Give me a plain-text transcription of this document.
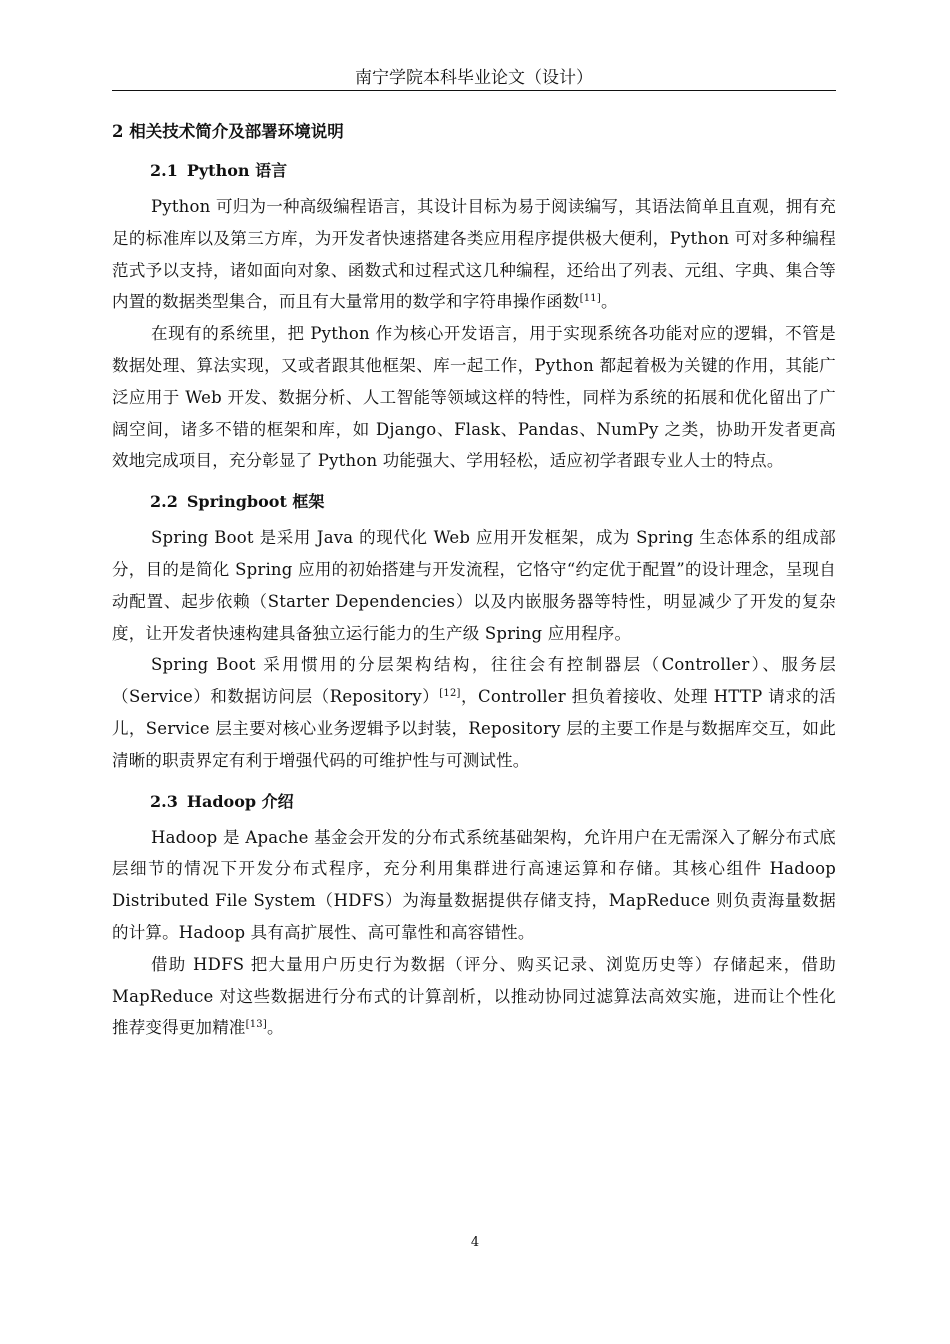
南宁学院本科毕业论文（设计）
2 相关技术简介及部署环境说明
2.1 Python 语言

Python 可归为一种高级编程语言，其设计目标为易于阅读编写，其语法简单且直观，拥有充足的标准库以及第三方库，为开发者快速搭建各类应用程序提供极大便利，Python 可对多种编程范式予以支持，诸如面向对象、函数式和过程式这几种编程，还给出了列表、元组、字典、集合等内置的数据类型集合，而且有大量常用的数学和字符串操作函数[11]。

在现有的系统里，把 Python 作为核心开发语言，用于实现系统各功能对应的逻辑，不管是数据处理、算法实现，又或者跟其他框架、库一起工作，Python 都起着极为关键的作用，其能广泛应用于 Web 开发、数据分析、人工智能等领域这样的特性，同样为系统的拓展和优化留出了广阔空间，诸多不错的框架和库，如 Django、Flask、Pandas、NumPy 之类，协助开发者更高效地完成项目，充分彰显了 Python 功能强大、学用轻松，适应初学者跟专业人士的特点。

2.2 Springboot 框架

Spring Boot 是采用 Java 的现代化 Web 应用开发框架，成为 Spring 生态体系的组成部分，目的是简化 Spring 应用的初始搭建与开发流程，它恪守“约定优于配置”的设计理念，呈现自动配置、起步依赖（Starter Dependencies）以及内嵌服务器等特性，明显减少了开发的复杂度，让开发者快速构建具备独立运行能力的生产级 Spring 应用程序。

Spring Boot 采用惯用的分层架构结构，往往会有控制器层（Controller）、服务层（Service）和数据访问层（Repository）[12]，Controller 担负着接收、处理 HTTP 请求的活儿，Service 层主要对核心业务逻辑予以封装，Repository 层的主要工作是与数据库交互，如此清晰的职责界定有利于增强代码的可维护性与可测试性。

2.3 Hadoop 介绍

Hadoop 是 Apache 基金会开发的分布式系统基础架构，允许用户在无需深入了解分布式底层细节的情况下开发分布式程序，充分利用集群进行高速运算和存储。其核心组件 Hadoop Distributed File System（HDFS）为海量数据提供存储支持，MapReduce 则负责海量数据的计算。Hadoop 具有高扩展性、高可靠性和高容错性。

借助 HDFS 把大量用户历史行为数据（评分、购买记录、浏览历史等）存储起来，借助 MapReduce 对这些数据进行分布式的计算剖析，以推动协同过滤算法高效实施，进而让个性化推荐变得更加精准[13]。

4
